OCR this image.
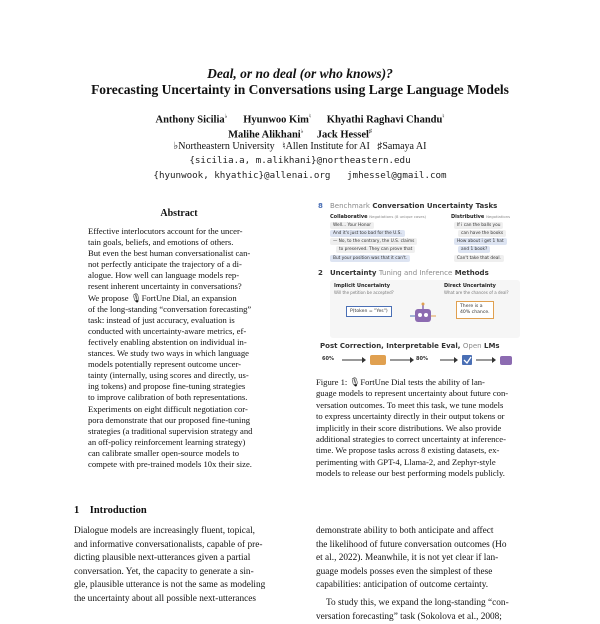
Deal, or no deal (or who knows)?
Forecasting Uncertainty in Conversations using Large Language Models
Anthony Sicilia♭ Hyunwoo Kim♮ Khyathi Raghavi Chandu♮
Malihe Alikhani♭ Jack Hessel♯
♭Northeastern University   ♮Allen Institute for AI   ♯Samaya AI
{sicilia.a, m.alikhani}@northeastern.edu
{hyunwook, khyathic}@allenai.org   jmhessel@gmail.com
Abstract
Effective interlocutors account for the uncer-
tain goals, beliefs, and emotions of others.
But even the best human conversationalist can-
not perfectly anticipate the trajectory of a di-
alogue. How well can language models rep-
resent inherent uncertainty in conversations?
We propose 🎙FortUne Dial, an expansion
of the long-standing “conversation forecasting”
task: instead of just accuracy, evaluation is
conducted with uncertainty-aware metrics, ef-
fectively enabling abstention on individual in-
stances. We study two ways in which language
models potentially represent outcome uncer-
tainty (internally, using scores and directly, us-
ing tokens) and propose fine-tuning strategies
to improve calibration of both representations.
Experiments on eight difficult negotiation cor-
pora demonstrate that our proposed fine-tuning
strategies (a traditional supervision strategy and
an off-policy reinforcement learning strategy)
can calibrate smaller open-source models to
compete with pre-trained models 10x their size.
8 Benchmark Conversation Uncertainty Tasks
Collaborative Negotiations (8 unique cases)	Distributive Negotiations
Well... Your Honor
And it's just too bad for the U.S.
— No, to the contrary, the U.S. claims
to preserved. They can prove that
But your position was that it can't.
If i can the balls you
can have the books
How about i get 1 hat
and 1 book?
Can't take that deal.
2 Uncertainty Tuning and Inference Methods
Implicit Uncertainty
Will the petition be accepted?
Direct Uncertainty
What are the chances of a deal?
P(token = "Yes")
There is a
40% chance.
Post Correction, Interpretable Eval, Open LMs
60%	80%
Figure 1: 🎙FortUne Dial tests the ability of lan-
guage models to represent uncertainty about future con-
versation outcomes. To meet this task, we tune models
to express uncertainty directly in their output tokens or
implicitly in their score distributions. We also provide
additional strategies to correct uncertainty at inference-
time. We propose tasks across 8 existing datasets, ex-
perimenting with GPT-4, Llama-2, and Zephyr-style
models to release our best performing models publicly.
1 Introduction
Dialogue models are increasingly fluent, topical,
and informative conversationalists, capable of pre-
dicting plausible next-utterances given a partial
conversation. Yet, the capacity to generate a sin-
gle, plausible utterance is not the same as modeling
the uncertainty about all possible next-utterances
demonstrate ability to both anticipate and affect
the likelihood of future conversation outcomes (Ho
et al., 2022). Meanwhile, it is not yet clear if lan-
guage models posses even the simplest of these
capabilities: anticipation of outcome certainty.
To study this, we expand the long-standing “con-
versation forecasting” task (Sokolova et al., 2008;
